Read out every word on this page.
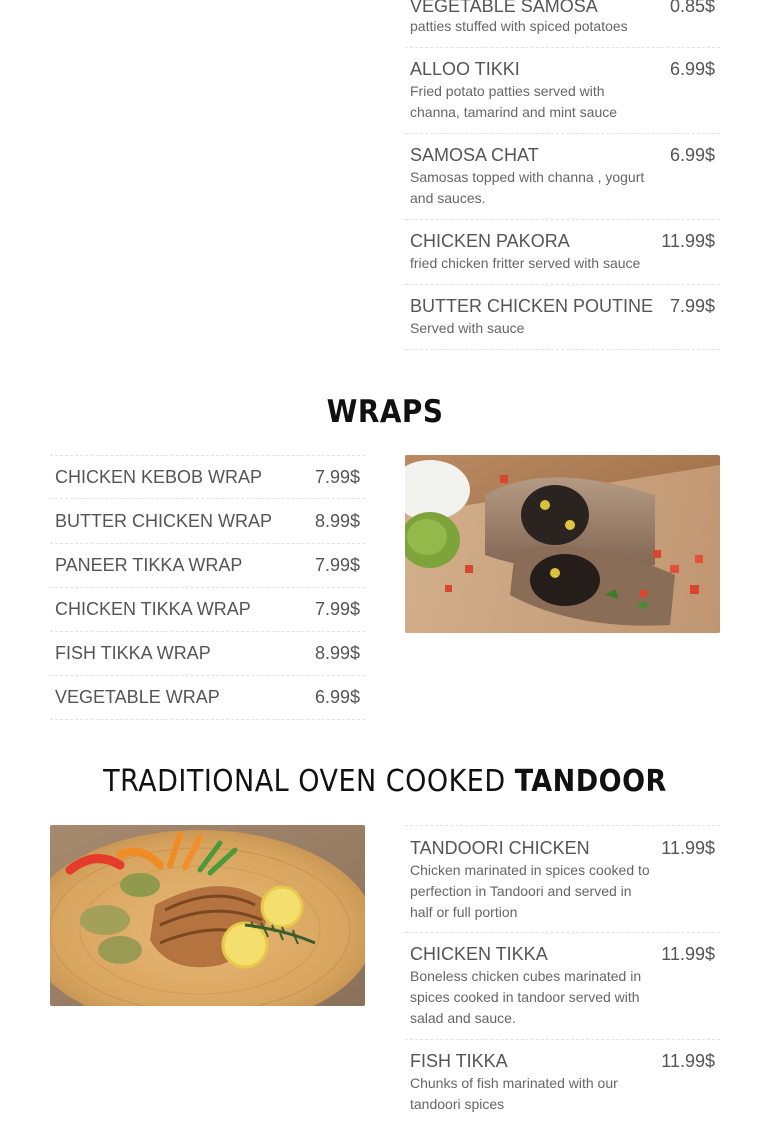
VEGETABLE SAMOSA	0.85$
patties stuffed with spiced potatoes
ALLOO TIKKI	6.99$
Fried potato patties served with channa, tamarind and mint sauce
SAMOSA CHAT	6.99$
Samosas topped with channa , yogurt and sauces.
CHICKEN PAKORA	11.99$
fried chicken fritter served with sauce
BUTTER CHICKEN POUTINE 7.99$
Served with sauce
WRAPS
CHICKEN KEBOB WRAP	7.99$
BUTTER CHICKEN WRAP 8.99$
PANEER TIKKA WRAP	7.99$
CHICKEN TIKKA WRAP	7.99$
FISH TIKKA WRAP	8.99$
VEGETABLE WRAP	6.99$
TRADITIONAL OVEN COOKED TANDOOR
TANDOORI CHICKEN	11.99$
Chicken marinated in spices cooked to perfection in Tandoori and served in half or full portion
CHICKEN TIKKA	11.99$
Boneless chicken cubes marinated in spices cooked in tandoor served with salad and sauce.
FISH TIKKA	11.99$
Chunks of fish marinated with our tandoori spices
